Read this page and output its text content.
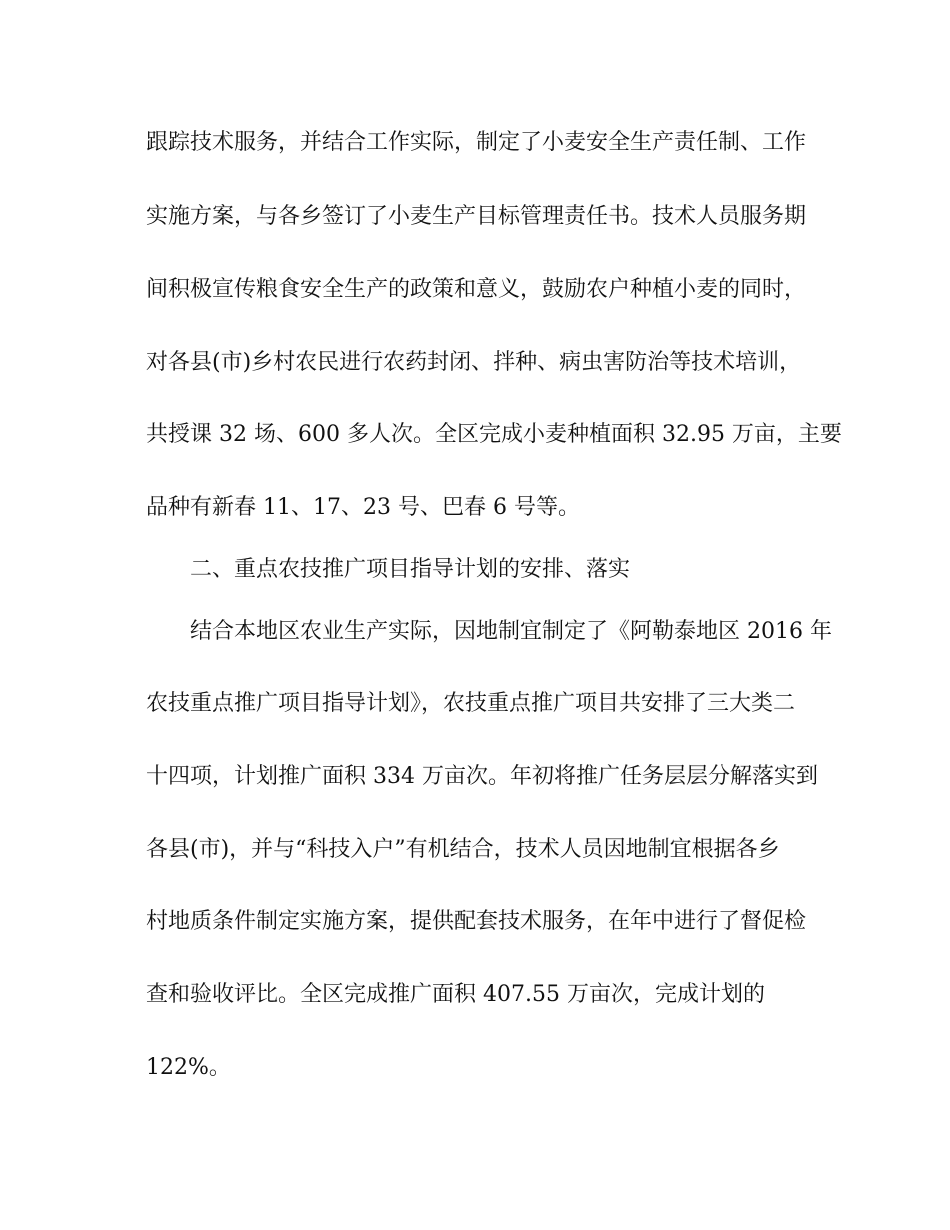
跟踪技术服务，并结合工作实际，制定了小麦安全生产责任制、工作

实施方案，与各乡签订了小麦生产目标管理责任书。技术人员服务期

间积极宣传粮食安全生产的政策和意义，鼓励农户种植小麦的同时，

对各县(市)乡村农民进行农药封闭、拌种、病虫害防治等技术培训，

共授课 32 场、600 多人次。全区完成小麦种植面积 32.95 万亩，主要

品种有新春 11、17、23 号、巴春 6 号等。

二、重点农技推广项目指导计划的安排、落实

结合本地区农业生产实际，因地制宜制定了《阿勒泰地区 2016 年

农技重点推广项目指导计划》，农技重点推广项目共安排了三大类二

十四项，计划推广面积 334 万亩次。年初将推广任务层层分解落实到

各县(市)，并与“科技入户”有机结合，技术人员因地制宜根据各乡

村地质条件制定实施方案，提供配套技术服务，在年中进行了督促检

查和验收评比。全区完成推广面积 407.55 万亩次，完成计划的

122%。
